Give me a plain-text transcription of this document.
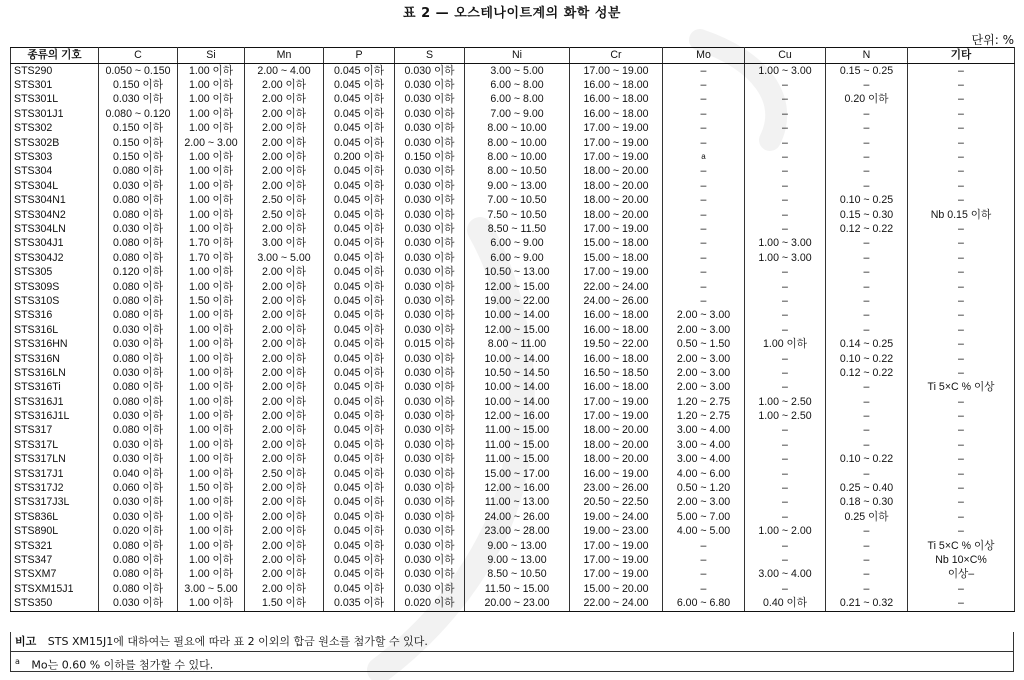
표 2 — 오스테나이트계의 화학 성분
단위: %
종류의 기호	C	Si	Mn	P	S	Ni	Cr	Mo	Cu	N	기타
STS290	0.050 ~ 0.150	1.00 이하	2.00 ~ 4.00	0.045 이하	0.030 이하	3.00 ~ 5.00	17.00 ~ 19.00	–	1.00 ~ 3.00	0.15 ~ 0.25	–
STS301	0.150 이하	1.00 이하	2.00 이하	0.045 이하	0.030 이하	6.00 ~ 8.00	16.00 ~ 18.00	–	–	–	–
STS301L	0.030 이하	1.00 이하	2.00 이하	0.045 이하	0.030 이하	6.00 ~ 8.00	16.00 ~ 18.00	–	–	0.20 이하	–
STS301J1	0.080 ~ 0.120	1.00 이하	2.00 이하	0.045 이하	0.030 이하	7.00 ~ 9.00	16.00 ~ 18.00	–	–	–	–
STS302	0.150 이하	1.00 이하	2.00 이하	0.045 이하	0.030 이하	8.00 ~ 10.00	17.00 ~ 19.00	–	–	–	–
STS302B	0.150 이하	2.00 ~ 3.00	2.00 이하	0.045 이하	0.030 이하	8.00 ~ 10.00	17.00 ~ 19.00	–	–	–	–
STS303	0.150 이하	1.00 이하	2.00 이하	0.200 이하	0.150 이하	8.00 ~ 10.00	17.00 ~ 19.00	a	–	–	–
STS304	0.080 이하	1.00 이하	2.00 이하	0.045 이하	0.030 이하	8.00 ~ 10.50	18.00 ~ 20.00	–	–	–	–
STS304L	0.030 이하	1.00 이하	2.00 이하	0.045 이하	0.030 이하	9.00 ~ 13.00	18.00 ~ 20.00	–	–	–	–
STS304N1	0.080 이하	1.00 이하	2.50 이하	0.045 이하	0.030 이하	7.00 ~ 10.50	18.00 ~ 20.00	–	–	0.10 ~ 0.25	–
STS304N2	0.080 이하	1.00 이하	2.50 이하	0.045 이하	0.030 이하	7.50 ~ 10.50	18.00 ~ 20.00	–	–	0.15 ~ 0.30	Nb 0.15 이하
STS304LN	0.030 이하	1.00 이하	2.00 이하	0.045 이하	0.030 이하	8.50 ~ 11.50	17.00 ~ 19.00	–	–	0.12 ~ 0.22	–
STS304J1	0.080 이하	1.70 이하	3.00 이하	0.045 이하	0.030 이하	6.00 ~ 9.00	15.00 ~ 18.00	–	1.00 ~ 3.00	–	–
STS304J2	0.080 이하	1.70 이하	3.00 ~ 5.00	0.045 이하	0.030 이하	6.00 ~ 9.00	15.00 ~ 18.00	–	1.00 ~ 3.00	–	–
STS305	0.120 이하	1.00 이하	2.00 이하	0.045 이하	0.030 이하	10.50 ~ 13.00	17.00 ~ 19.00	–	–	–	–
STS309S	0.080 이하	1.00 이하	2.00 이하	0.045 이하	0.030 이하	12.00 ~ 15.00	22.00 ~ 24.00	–	–	–	–
STS310S	0.080 이하	1.50 이하	2.00 이하	0.045 이하	0.030 이하	19.00 ~ 22.00	24.00 ~ 26.00	–	–	–	–
STS316	0.080 이하	1.00 이하	2.00 이하	0.045 이하	0.030 이하	10.00 ~ 14.00	16.00 ~ 18.00	2.00 ~ 3.00	–	–	–
STS316L	0.030 이하	1.00 이하	2.00 이하	0.045 이하	0.030 이하	12.00 ~ 15.00	16.00 ~ 18.00	2.00 ~ 3.00	–	–	–
STS316HN	0.030 이하	1.00 이하	2.00 이하	0.045 이하	0.015 이하	8.00 ~ 11.00	19.50 ~ 22.00	0.50 ~ 1.50	1.00 이하	0.14 ~ 0.25	–
STS316N	0.080 이하	1.00 이하	2.00 이하	0.045 이하	0.030 이하	10.00 ~ 14.00	16.00 ~ 18.00	2.00 ~ 3.00	–	0.10 ~ 0.22	–
STS316LN	0.030 이하	1.00 이하	2.00 이하	0.045 이하	0.030 이하	10.50 ~ 14.50	16.50 ~ 18.50	2.00 ~ 3.00	–	0.12 ~ 0.22	–
STS316Ti	0.080 이하	1.00 이하	2.00 이하	0.045 이하	0.030 이하	10.00 ~ 14.00	16.00 ~ 18.00	2.00 ~ 3.00	–	–	Ti 5×C % 이상
STS316J1	0.080 이하	1.00 이하	2.00 이하	0.045 이하	0.030 이하	10.00 ~ 14.00	17.00 ~ 19.00	1.20 ~ 2.75	1.00 ~ 2.50	–	–
STS316J1L	0.030 이하	1.00 이하	2.00 이하	0.045 이하	0.030 이하	12.00 ~ 16.00	17.00 ~ 19.00	1.20 ~ 2.75	1.00 ~ 2.50	–	–
STS317	0.080 이하	1.00 이하	2.00 이하	0.045 이하	0.030 이하	11.00 ~ 15.00	18.00 ~ 20.00	3.00 ~ 4.00	–	–	–
STS317L	0.030 이하	1.00 이하	2.00 이하	0.045 이하	0.030 이하	11.00 ~ 15.00	18.00 ~ 20.00	3.00 ~ 4.00	–	–	–
STS317LN	0.030 이하	1.00 이하	2.00 이하	0.045 이하	0.030 이하	11.00 ~ 15.00	18.00 ~ 20.00	3.00 ~ 4.00	–	0.10 ~ 0.22	–
STS317J1	0.040 이하	1.00 이하	2.50 이하	0.045 이하	0.030 이하	15.00 ~ 17.00	16.00 ~ 19.00	4.00 ~ 6.00	–	–	–
STS317J2	0.060 이하	1.50 이하	2.00 이하	0.045 이하	0.030 이하	12.00 ~ 16.00	23.00 ~ 26.00	0.50 ~ 1.20	–	0.25 ~ 0.40	–
STS317J3L	0.030 이하	1.00 이하	2.00 이하	0.045 이하	0.030 이하	11.00 ~ 13.00	20.50 ~ 22.50	2.00 ~ 3.00	–	0.18 ~ 0.30	–
STS836L	0.030 이하	1.00 이하	2.00 이하	0.045 이하	0.030 이하	24.00 ~ 26.00	19.00 ~ 24.00	5.00 ~ 7.00	–	0.25 이하	–
STS890L	0.020 이하	1.00 이하	2.00 이하	0.045 이하	0.030 이하	23.00 ~ 28.00	19.00 ~ 23.00	4.00 ~ 5.00	1.00 ~ 2.00	–	–
STS321	0.080 이하	1.00 이하	2.00 이하	0.045 이하	0.030 이하	9.00 ~ 13.00	17.00 ~ 19.00	–	–	–	Ti 5×C % 이상
STS347	0.080 이하	1.00 이하	2.00 이하	0.045 이하	0.030 이하	9.00 ~ 13.00	17.00 ~ 19.00	–	–	–	Nb 10×C%
STSXM7	0.080 이하	1.00 이하	2.00 이하	0.045 이하	0.030 이하	8.50 ~ 10.50	17.00 ~ 19.00	–	3.00 ~ 4.00	–	이상–
STSXM15J1	0.080 이하	3.00 ~ 5.00	2.00 이하	0.045 이하	0.030 이하	11.50 ~ 15.00	15.00 ~ 20.00	–	–	–	–
STS350	0.030 이하	1.00 이하	1.50 이하	0.035 이하	0.020 이하	20.00 ~ 23.00	22.00 ~ 24.00	6.00 ~ 6.80	0.40 이하	0.21 ~ 0.32	–
비고 STS XM15J1에 대하여는 필요에 따라 표 2 이외의 합금 원소를 첨가할 수 있다.
$^a$ Mo는 0.60 % 이하를 첨가할 수 있다.
